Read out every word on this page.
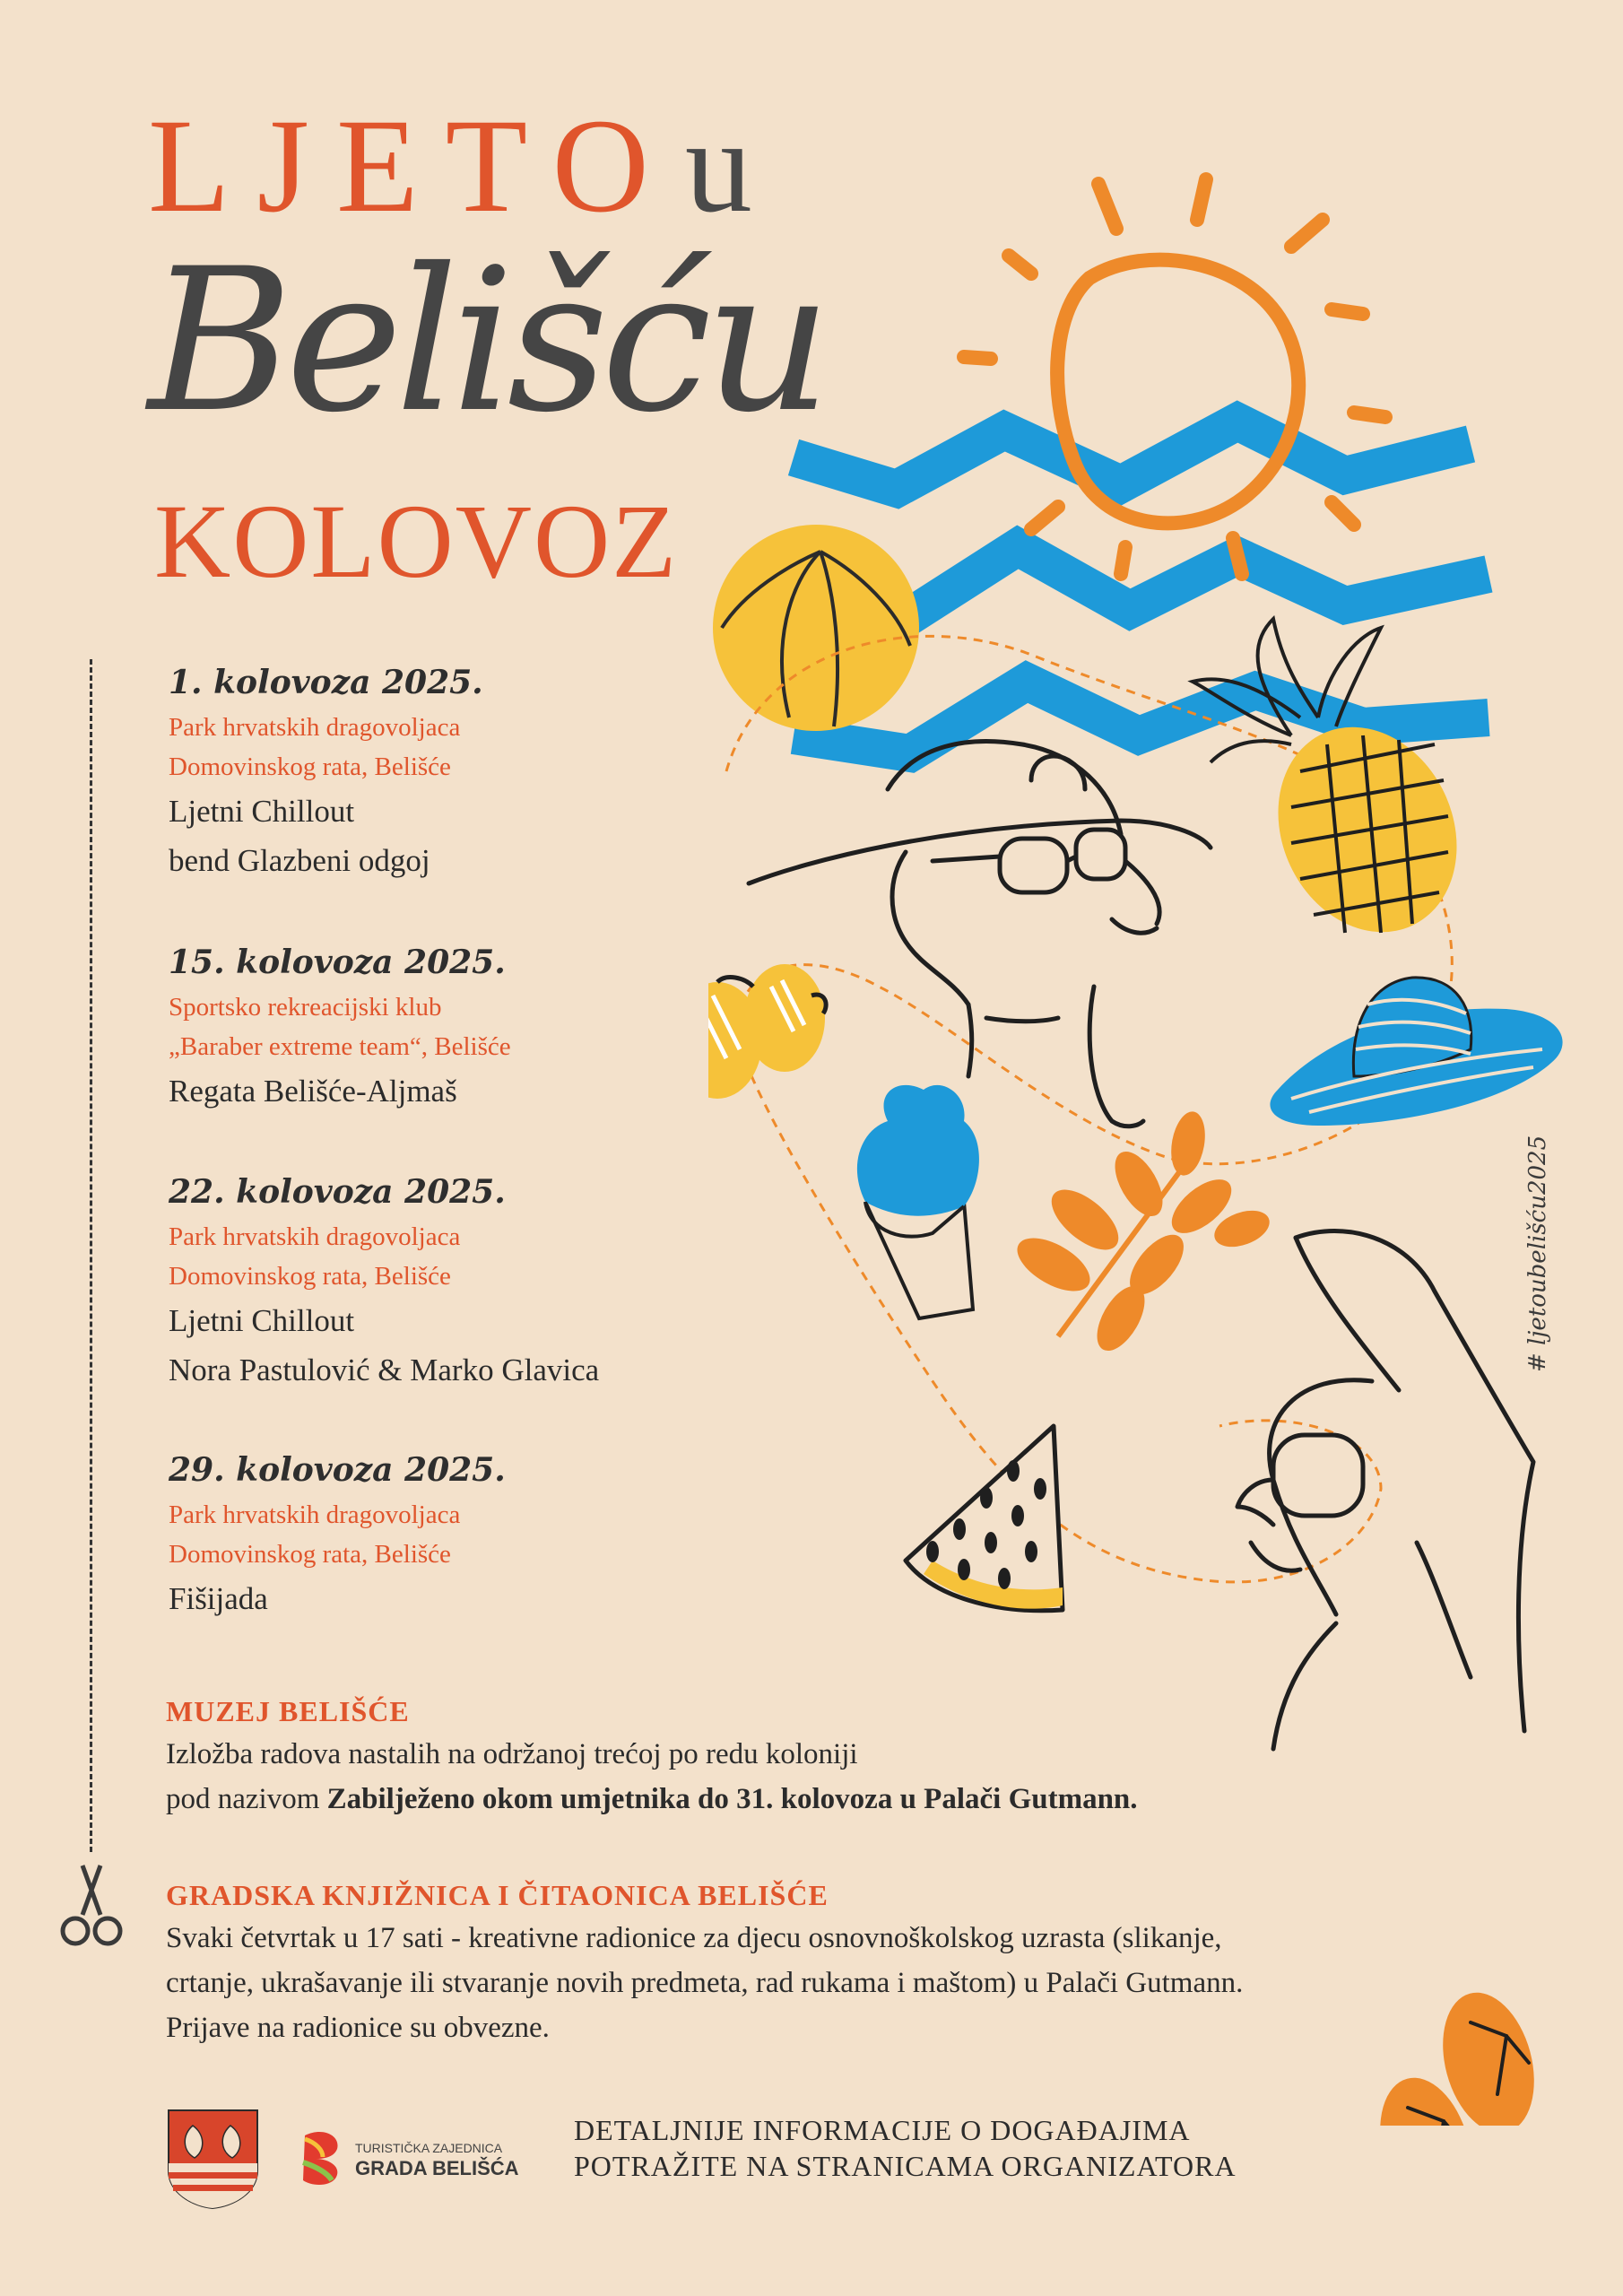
LJETOu
Belišću
KOLOVOZ
1. kolovoza 2025.
Park hrvatskih dragovoljaca
Domovinskog rata, Belišće
Ljetni Chillout
bend Glazbeni odgoj
15. kolovoza 2025.
Sportsko rekreacijski klub
„Baraber extreme team“, Belišće
Regata Belišće-Aljmaš
22. kolovoza 2025.
Park hrvatskih dragovoljaca
Domovinskog rata, Belišće
Ljetni Chillout
Nora Pastulović & Marko Glavica
29. kolovoza 2025.
Park hrvatskih dragovoljaca
Domovinskog rata, Belišće
Fišijada
MUZEJ BELIŠĆE
Izložba radova nastalih na održanoj trećoj po redu koloniji
pod nazivom Zabilježeno okom umjetnika do 31. kolovoza u Palači Gutmann.
GRADSKA KNJIŽNICA I ČITAONICA BELIŠĆE
Svaki četvrtak u 17 sati - kreativne radionice za djecu osnovnoškolskog uzrasta (slikanje,
crtanje, ukrašavanje ili stvaranje novih predmeta, rad rukama i maštom) u Palači Gutmann.
Prijave na radionice su obvezne.
# ljetoubelišću2025
TURISTIČKA ZAJEDNICA
GRADA BELIŠĆA
DETALJNIJE INFORMACIJE O DOGAĐAJIMA
POTRAŽITE NA STRANICAMA ORGANIZATORA
